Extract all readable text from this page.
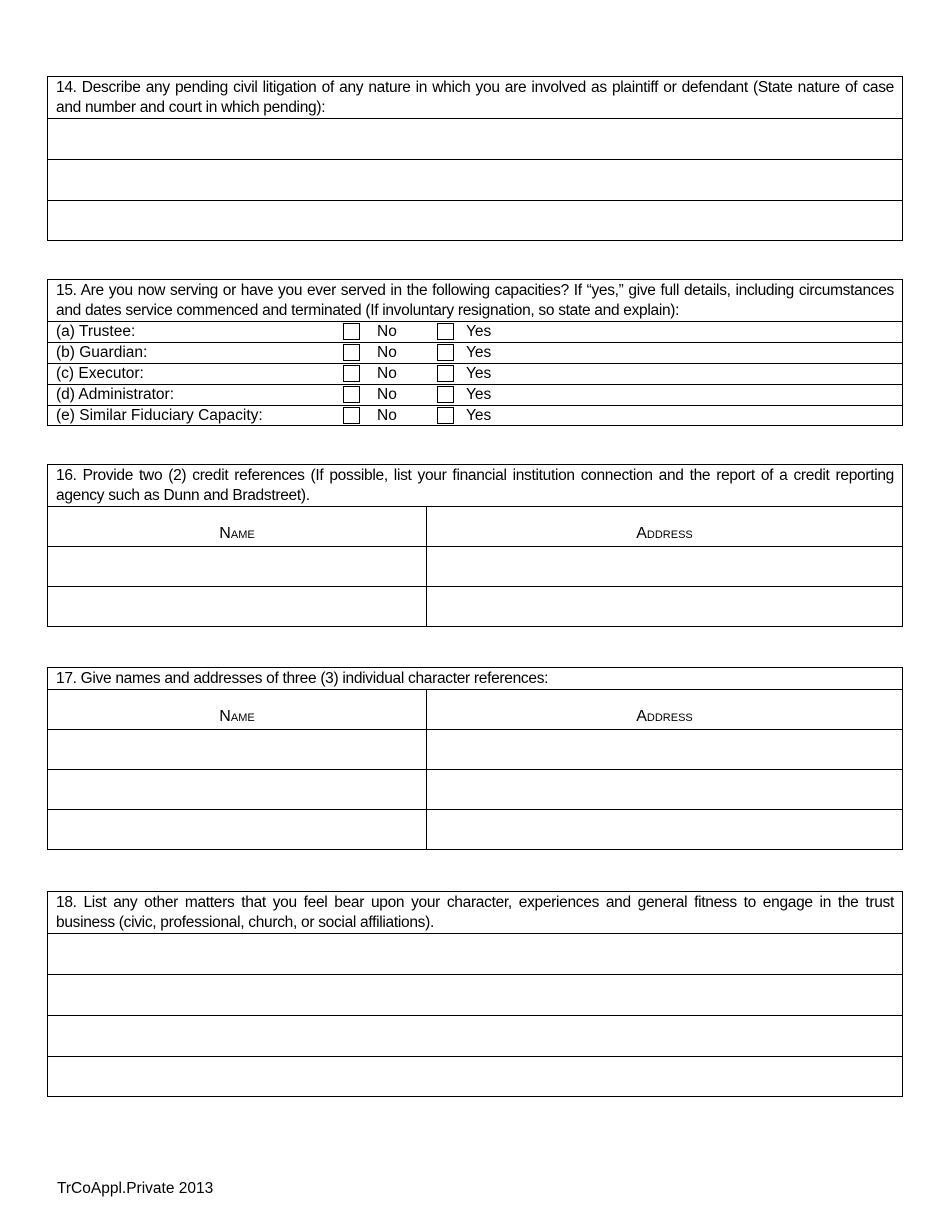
14. Describe any pending civil litigation of any nature in which you are involved as plaintiff or defendant (State nature of case and number and court in which pending):
15. Are you now serving or have you ever served in the following capacities? If “yes,” give full details, including circumstances and dates service commenced and terminated (If involuntary resignation, so state and explain):
(a) Trustee:	No	Yes
(b) Guardian:	No	Yes
(c) Executor:	No	Yes
(d) Administrator:	No	Yes
(e) Similar Fiduciary Capacity:	No	Yes
16. Provide two (2) credit references (If possible, list your financial institution connection and the report of a credit reporting agency such as Dunn and Bradstreet).
Name	Address
17. Give names and addresses of three (3) individual character references:
Name	Address
18. List any other matters that you feel bear upon your character, experiences and general fitness to engage in the trust business (civic, professional, church, or social affiliations).
TrCoAppl.Private 2013
